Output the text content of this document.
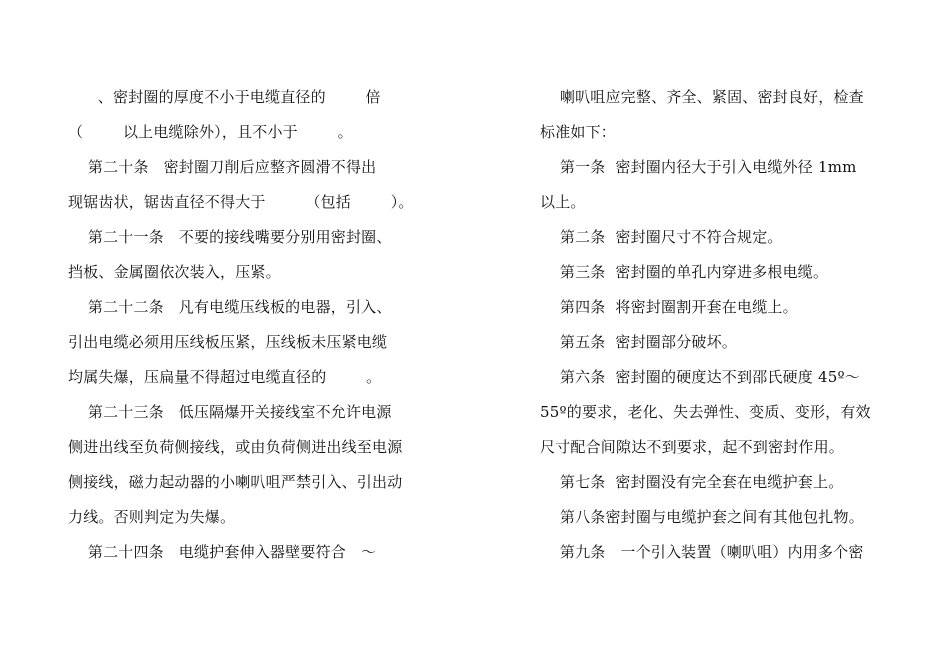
、密封圈的厚度不小于电缆直径的        倍
（        以上电缆除外），且不小于        。
第二十条   密封圈刀削后应整齐圆滑不得出
现锯齿状，锯齿直径不得大于        （包括        ）。
第二十一条   不要的接线嘴要分别用密封圈、
挡板、金属圈依次装入，压紧。
第二十二条   凡有电缆压线板的电器，引入、
引出电缆必须用压线板压紧，压线板未压紧电缆
均属失爆，压扁量不得超过电缆直径的        。
第二十三条   低压隔爆开关接线室不允许电源
侧进出线至负荷侧接线，或由负荷侧进出线至电源
侧接线，磁力起动器的小喇叭咀严禁引入、引出动
力线。否则判定为失爆。
第二十四条   电缆护套伸入器壁要符合   ～
喇叭咀应完整、齐全、紧固、密封良好，检查
标准如下：
第一条  密封圈内径大于引入电缆外径 1mm
以上。
第二条  密封圈尺寸不符合规定。
第三条  密封圈的单孔内穿进多根电缆。
第四条  将密封圈割开套在电缆上。
第五条  密封圈部分破坏。
第六条  密封圈的硬度达不到邵氏硬度 45º～
55º的要求，老化、失去弹性、变质、变形，有效
尺寸配合间隙达不到要求，起不到密封作用。
第七条  密封圈没有完全套在电缆护套上。
第八条密封圈与电缆护套之间有其他包扎物。
第九条   一个引入装置（喇叭咀）内用多个密
